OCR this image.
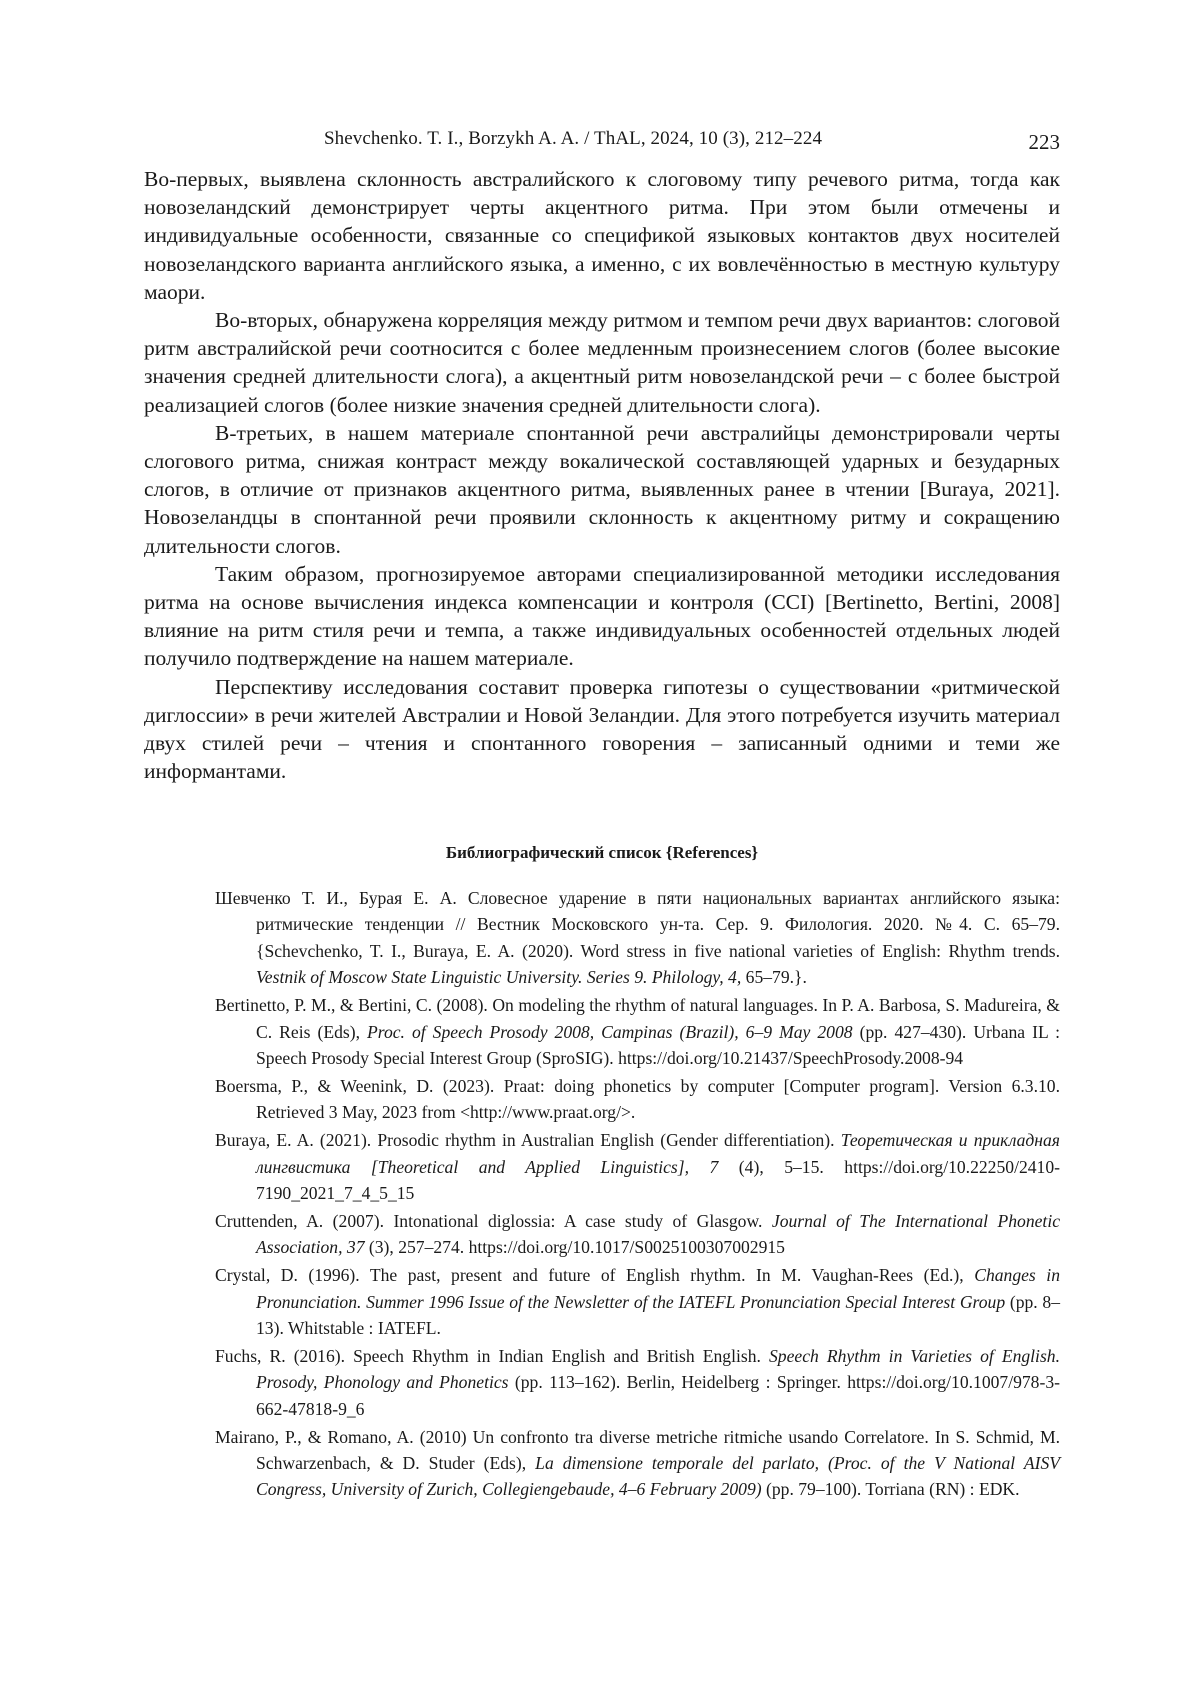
Shevchenko. T. I., Borzykh A. A. / ThAL, 2024, 10 (3), 212–224	223

Во-первых, выявлена склонность австралийского к слоговому типу речевого ритма, тогда как новозеландский демонстрирует черты акцентного ритма. При этом были отмечены и индивидуальные особенности, связанные со спецификой языковых контактов двух носителей новозеландского варианта английского языка, а именно, с их вовлечённостью в местную культуру маори.

Во-вторых, обнаружена корреляция между ритмом и темпом речи двух вариантов: слоговой ритм австралийской речи соотносится с более медленным произнесением слогов (более высокие значения средней длительности слога), а акцентный ритм новозеландской речи – с более быстрой реализацией слогов (более низкие значения средней длительности слога).

В-третьих, в нашем материале спонтанной речи австралийцы демонстрировали черты слогового ритма, снижая контраст между вокалической составляющей ударных и безударных слогов, в отличие от признаков акцентного ритма, выявленных ранее в чтении [Buraya, 2021]. Новозеландцы в спонтанной речи проявили склонность к акцентному ритму и сокращению длительности слогов.

Таким образом, прогнозируемое авторами специализированной методики исследования ритма на основе вычисления индекса компенсации и контроля (CCI) [Bertinetto, Bertini, 2008] влияние на ритм стиля речи и темпа, а также индивидуальных особенностей отдельных людей получило подтверждение на нашем материале.

Перспективу исследования составит проверка гипотезы о существовании «ритмической диглоссии» в речи жителей Австралии и Новой Зеландии. Для этого потребуется изучить материал двух стилей речи – чтения и спонтанного говорения – записанный одними и теми же информантами.

Библиографический список {References}

Шевченко Т. И., Бурая Е. А. Словесное ударение в пяти национальных вариантах английского языка: ритмические тенденции // Вестник Московского ун-та. Сер. 9. Филология. 2020. №4. С. 65–79. {Schevchenko, T. I., Buraya, E. A. (2020). Word stress in five national varieties of English: Rhythm trends. Vestnik of Moscow State Linguistic University. Series 9. Philology, 4, 65–79.}.

Bertinetto, P. M., & Bertini, C. (2008). On modeling the rhythm of natural languages. In P. A. Barbosa, S. Madureira, & C. Reis (Eds), Proc. of Speech Prosody 2008, Campinas (Brazil), 6–9 May 2008 (pp. 427–430). Urbana IL : Speech Prosody Special Interest Group (SproSIG). https://doi.org/10.21437/SpeechProsody.2008-94

Boersma, P., & Weenink, D. (2023). Praat: doing phonetics by computer [Computer program]. Version 6.3.10. Retrieved 3 May, 2023 from <http://www.praat.org/>.

Buraya, E. A. (2021). Prosodic rhythm in Australian English (Gender differentiation). Теоретическая и прикладная лингвистика [Theoretical and Applied Linguistics], 7 (4), 5–15. https://doi.org/10.22250/2410-7190_2021_7_4_5_15

Cruttenden, A. (2007). Intonational diglossia: A case study of Glasgow. Journal of The International Phonetic Association, 37 (3), 257–274. https://doi.org/10.1017/S0025100307002915

Crystal, D. (1996). The past, present and future of English rhythm. In M. Vaughan-Rees (Ed.), Changes in Pronunciation. Summer 1996 Issue of the Newsletter of the IATEFL Pronunciation Special Interest Group (pp. 8–13). Whitstable : IATEFL.

Fuchs, R. (2016). Speech Rhythm in Indian English and British English. Speech Rhythm in Varieties of English. Prosody, Phonology and Phonetics (pp. 113–162). Berlin, Heidelberg : Springer. https://doi.org/10.1007/978-3-662-47818-9_6

Mairano, P., & Romano, A. (2010) Un confronto tra diverse metriche ritmiche usando Correlatore. In S. Schmid, M. Schwarzenbach, & D. Studer (Eds), La dimensione temporale del parlato, (Proc. of the V National AISV Congress, University of Zurich, Collegiengebaude, 4–6 February 2009) (pp. 79–100). Torriana (RN) : EDK.
